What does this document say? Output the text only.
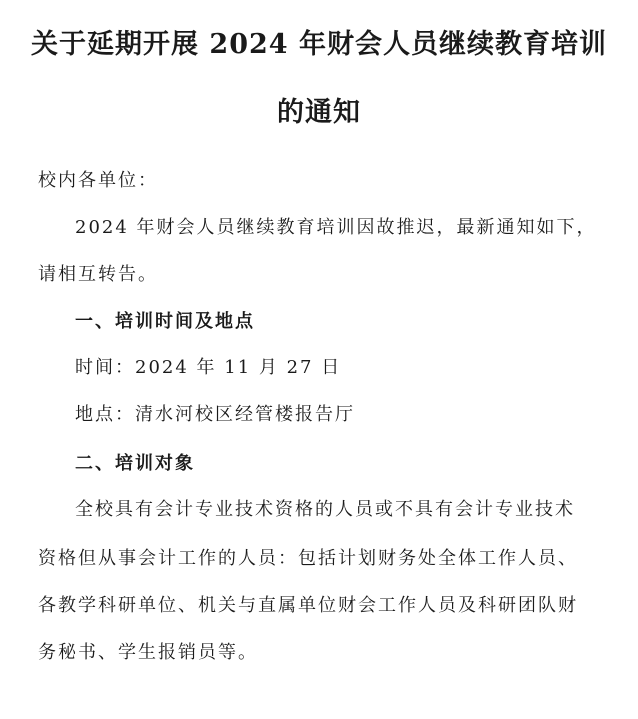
关于延期开展 2024 年财会人员继续教育培训
的通知
校内各单位：
2024 年财会人员继续教育培训因故推迟，最新通知如下，
请相互转告。
一、培训时间及地点
时间：2024 年 11 月 27 日
地点：清水河校区经管楼报告厅
二、培训对象
全校具有会计专业技术资格的人员或不具有会计专业技术
资格但从事会计工作的人员：包括计划财务处全体工作人员、
各教学科研单位、机关与直属单位财会工作人员及科研团队财
务秘书、学生报销员等。
